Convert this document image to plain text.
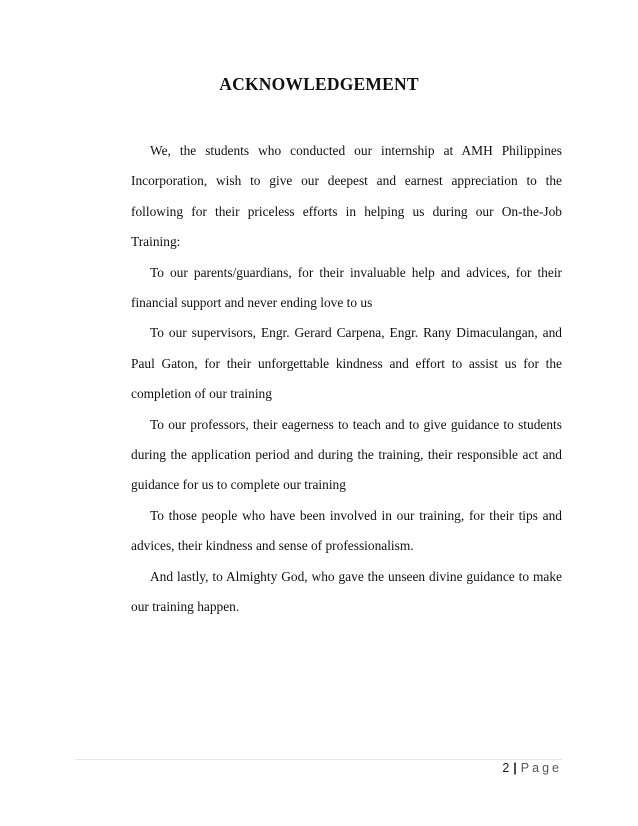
ACKNOWLEDGEMENT

We, the students who conducted our internship at AMH Philippines Incorporation, wish to give our deepest and earnest appreciation to the following for their priceless efforts in helping us during our On-the-Job Training:

To our parents/guardians, for their invaluable help and advices, for their financial support and never ending love to us

To our supervisors, Engr. Gerard Carpena, Engr. Rany Dimaculangan, and Paul Gaton, for their unforgettable kindness and effort to assist us for the completion of our training

To our professors, their eagerness to teach and to give guidance to students during the application period and during the training, their responsible act and guidance for us to complete our training

To those people who have been involved in our training, for their tips and advices, their kindness and sense of professionalism.

And lastly, to Almighty God, who gave the unseen divine guidance to make our training happen.

2 | Page
